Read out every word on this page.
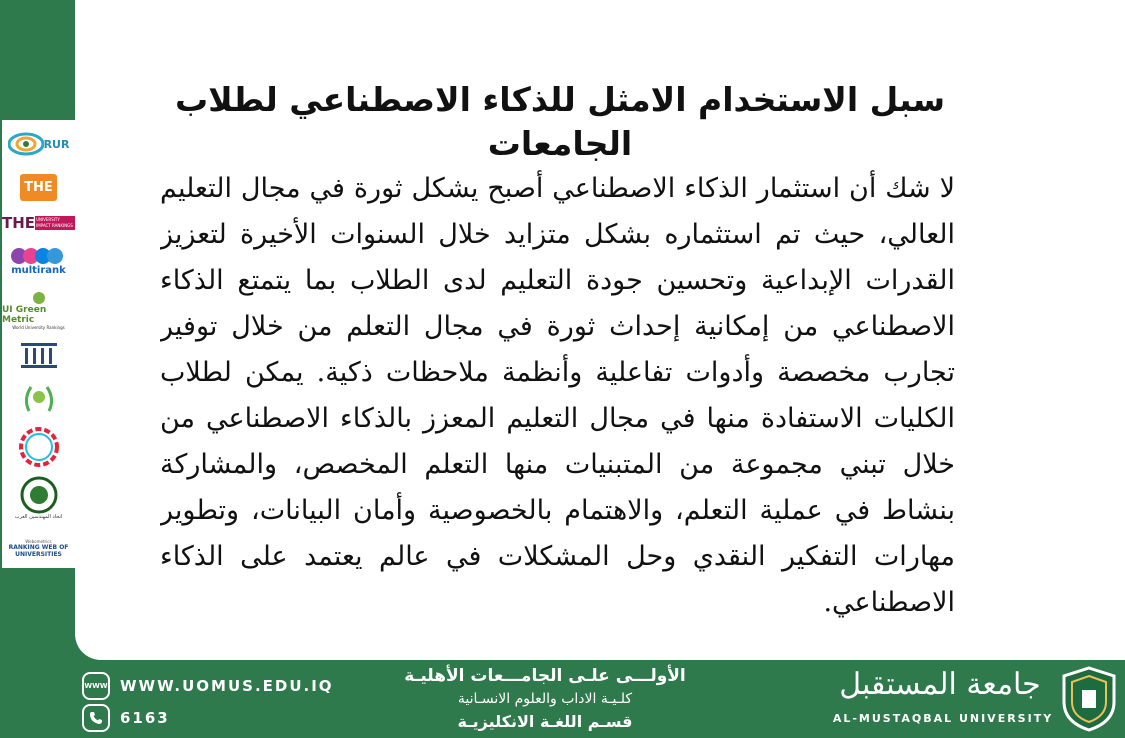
RUR
THE
THE UNIVERSITY IMPACT RANKINGS
multirank
UI Green Metric
World University Rankings
اتحاد المهندسين العرب
Webometrics
RANKING WEB OF UNIVERSITIES
سبل الاستخدام الامثل للذكاء الاصطناعي لطلاب الجامعات

لا شك أن استثمار الذكاء الاصطناعي أصبح يشكل ثورة في مجال التعليم العالي، حيث تم استثماره بشكل متزايد خلال السنوات الأخيرة لتعزيز القدرات الإبداعية وتحسين جودة التعليم لدى الطلاب بما يتمتع الذكاء الاصطناعي من إمكانية إحداث ثورة في مجال التعلم من خلال توفير تجارب مخصصة وأدوات تفاعلية وأنظمة ملاحظات ذكية. يمكن لطلاب الكليات الاستفادة منها في مجال التعليم المعزز بالذكاء الاصطناعي من خلال تبني مجموعة من المتبنيات منها التعلم المخصص، والمشاركة بنشاط في عملية التعلم، والاهتمام بالخصوصية وأمان البيانات، وتطوير مهارات التفكير النقدي وحل المشكلات في عالم يعتمد على الذكاء الاصطناعي.

WWW WWW.UOMUS.EDU.IQ
6163
الأولـــى علـى الجامـــعات الأهليـة
كلـيـة الاداب والعلوم الانسـانية
قسـم اللغـة الانكليزيـة
جامعة المستقبل
AL-MUSTAQBAL UNIVERSITY
